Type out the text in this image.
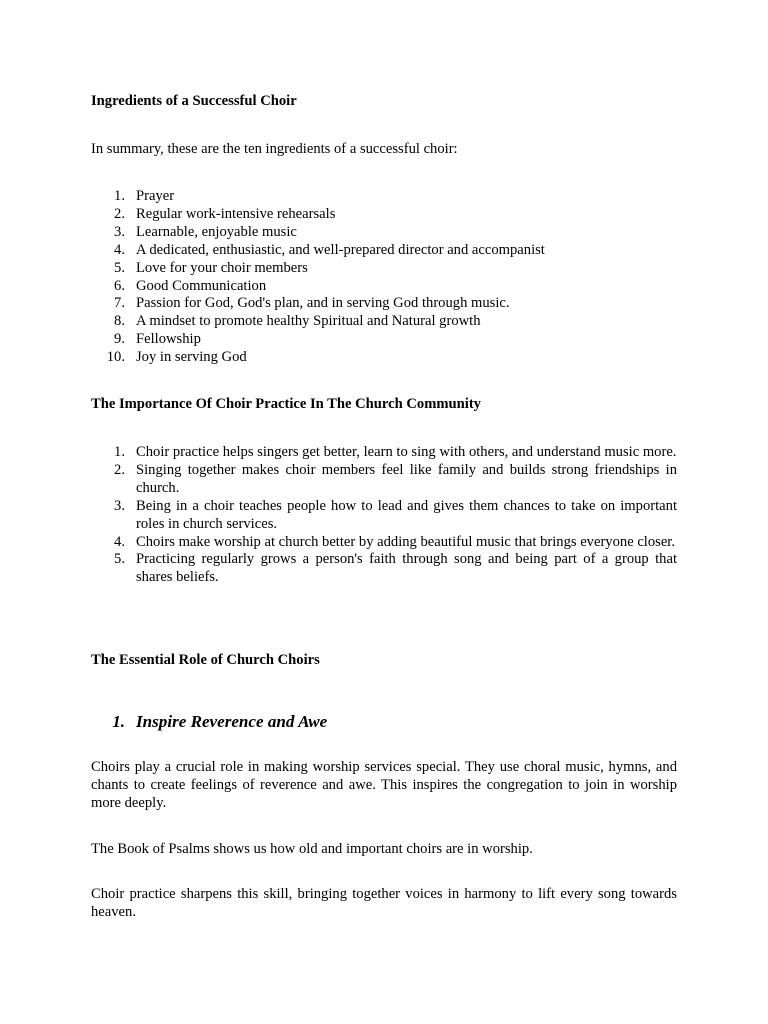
Ingredients of a Successful Choir

In summary, these are the ten ingredients of a successful choir:

1. Prayer
2. Regular work-intensive rehearsals
3. Learnable, enjoyable music
4. A dedicated, enthusiastic, and well-prepared director and accompanist
5. Love for your choir members
6. Good Communication
7. Passion for God, God's plan, and in serving God through music.
8. A mindset to promote healthy Spiritual and Natural growth
9. Fellowship
10. Joy in serving God
The Importance Of Choir Practice In The Church Community
1. Choir practice helps singers get better, learn to sing with others, and understand music more.
2. Singing together makes choir members feel like family and builds strong friendships in church.
3. Being in a choir teaches people how to lead and gives them chances to take on important roles in church services.
4. Choirs make worship at church better by adding beautiful music that brings everyone closer.
5. Practicing regularly grows a person's faith through song and being part of a group that shares beliefs.
The Essential Role of Church Choirs
1. Inspire Reverence and Awe

Choirs play a crucial role in making worship services special. They use choral music, hymns, and chants to create feelings of reverence and awe. This inspires the congregation to join in worship more deeply.

The Book of Psalms shows us how old and important choirs are in worship.

Choir practice sharpens this skill, bringing together voices in harmony to lift every song towards heaven.
